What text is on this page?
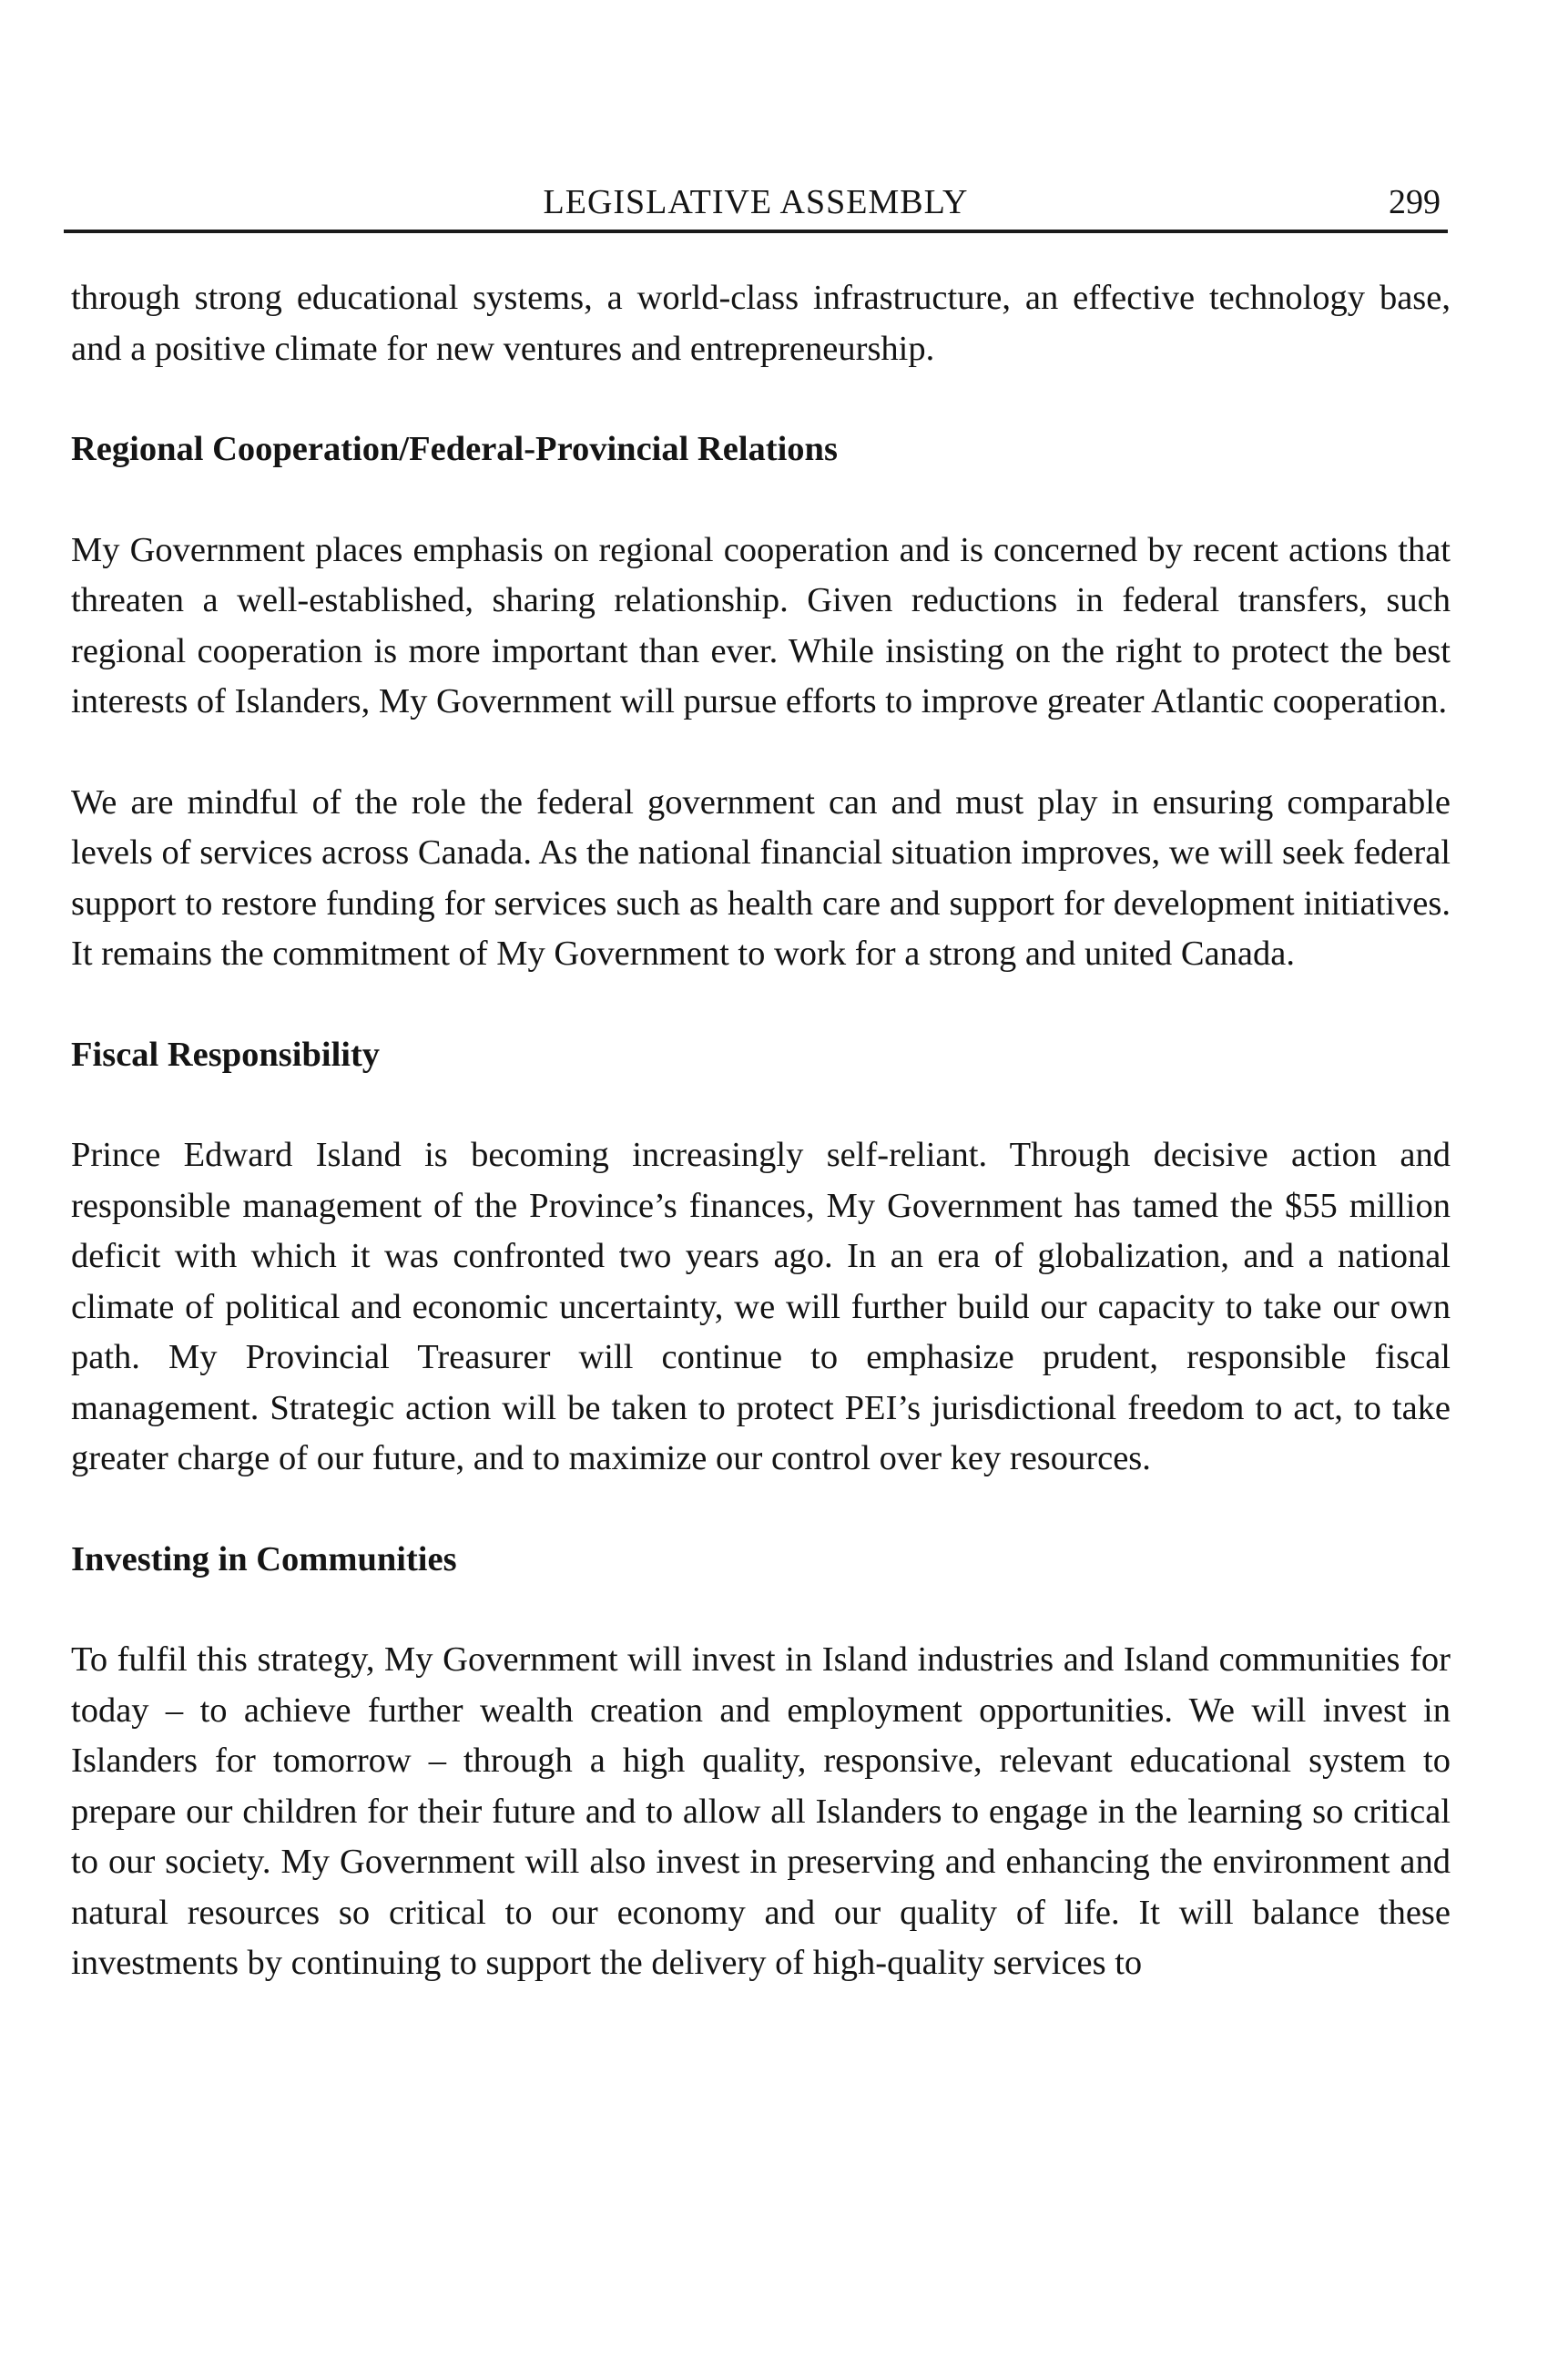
LEGISLATIVE ASSEMBLY	299

through strong educational systems, a world-class infrastructure, an effective technology base, and a positive climate for new ventures and entrepreneurship.

Regional Cooperation/Federal-Provincial Relations

My Government places emphasis on regional cooperation and is concerned by recent actions that threaten a well-established, sharing relationship. Given reductions in federal transfers, such regional cooperation is more important than ever. While insisting on the right to protect the best interests of Islanders, My Government will pursue efforts to improve greater Atlantic cooperation.

We are mindful of the role the federal government can and must play in ensuring comparable levels of services across Canada. As the national financial situation improves, we will seek federal support to restore funding for services such as health care and support for development initiatives. It remains the commitment of My Government to work for a strong and united Canada.

Fiscal Responsibility

Prince Edward Island is becoming increasingly self-reliant. Through decisive action and responsible management of the Province’s finances, My Government has tamed the $55 million deficit with which it was confronted two years ago. In an era of globalization, and a national climate of political and economic uncertainty, we will further build our capacity to take our own path. My Provincial Treasurer will continue to emphasize prudent, responsible fiscal management. Strategic action will be taken to protect PEI’s jurisdictional freedom to act, to take greater charge of our future, and to maximize our control over key resources.

Investing in Communities

To fulfil this strategy, My Government will invest in Island industries and Island communities for today – to achieve further wealth creation and employment opportunities. We will invest in Islanders for tomorrow – through a high quality, responsive, relevant educational system to prepare our children for their future and to allow all Islanders to engage in the learning so critical to our society. My Government will also invest in preserving and enhancing the environment and natural resources so critical to our economy and our quality of life. It will balance these investments by continuing to support the delivery of high-quality services to
